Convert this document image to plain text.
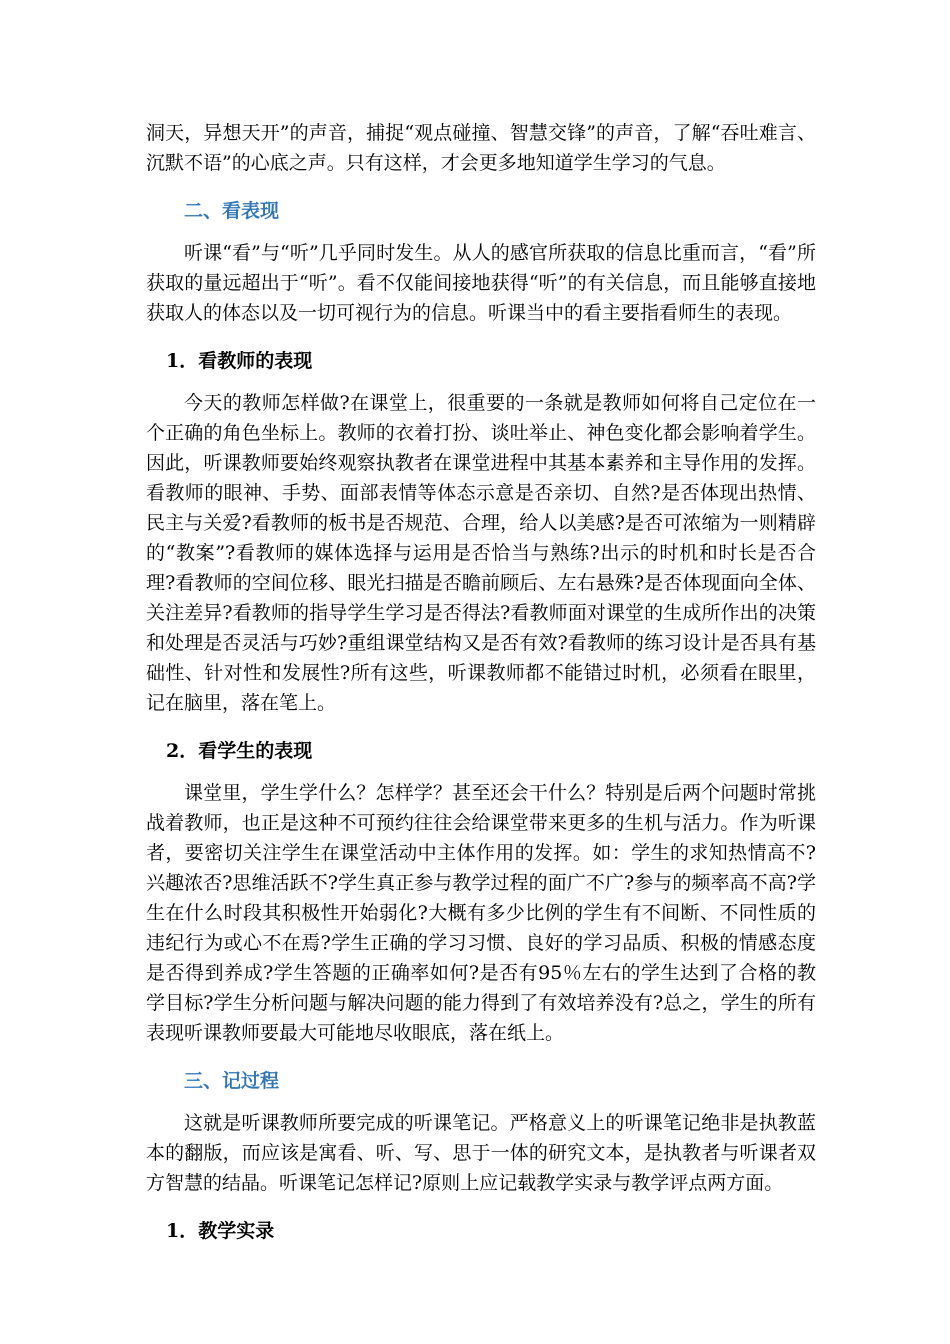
洞天，异想天开”的声音，捕捉“观点碰撞、智慧交锋”的声音，了解“吞吐难言、沉默不语”的心底之声。只有这样，才会更多地知道学生学习的气息。

二、看表现

听课“看”与“听”几乎同时发生。从人的感官所获取的信息比重而言，“看”所获取的量远超出于“听”。看不仅能间接地获得“听”的有关信息，而且能够直接地获取人的体态以及一切可视行为的信息。听课当中的看主要指看师生的表现。

1．看教师的表现

今天的教师怎样做?在课堂上，很重要的一条就是教师如何将自己定位在一个正确的角色坐标上。教师的衣着打扮、谈吐举止、神色变化都会影响着学生。因此，听课教师要始终观察执教者在课堂进程中其基本素养和主导作用的发挥。看教师的眼神、手势、面部表情等体态示意是否亲切、自然?是否体现出热情、民主与关爱?看教师的板书是否规范、合理，给人以美感?是否可浓缩为一则精辟的“教案”?看教师的媒体选择与运用是否恰当与熟练?出示的时机和时长是否合理?看教师的空间位移、眼光扫描是否瞻前顾后、左右悬殊?是否体现面向全体、关注差异?看教师的指导学生学习是否得法?看教师面对课堂的生成所作出的决策和处理是否灵活与巧妙?重组课堂结构又是否有效?看教师的练习设计是否具有基础性、针对性和发展性?所有这些，听课教师都不能错过时机，必须看在眼里，记在脑里，落在笔上。

2．看学生的表现

课堂里，学生学什么？怎样学？甚至还会干什么？特别是后两个问题时常挑战着教师，也正是这种不可预约往往会给课堂带来更多的生机与活力。作为听课者，要密切关注学生在课堂活动中主体作用的发挥。如：学生的求知热情高不?兴趣浓否?思维活跃不?学生真正参与教学过程的面广不广?参与的频率高不高?学生在什么时段其积极性开始弱化?大概有多少比例的学生有不间断、不同性质的违纪行为或心不在焉?学生正确的学习习惯、良好的学习品质、积极的情感态度是否得到养成?学生答题的正确率如何?是否有95％左右的学生达到了合格的教学目标?学生分析问题与解决问题的能力得到了有效培养没有?总之，学生的所有表现听课教师要最大可能地尽收眼底，落在纸上。

三、记过程

这就是听课教师所要完成的听课笔记。严格意义上的听课笔记绝非是执教蓝本的翻版，而应该是寓看、听、写、思于一体的研究文本，是执教者与听课者双方智慧的结晶。听课笔记怎样记?原则上应记载教学实录与教学评点两方面。

1．教学实录
